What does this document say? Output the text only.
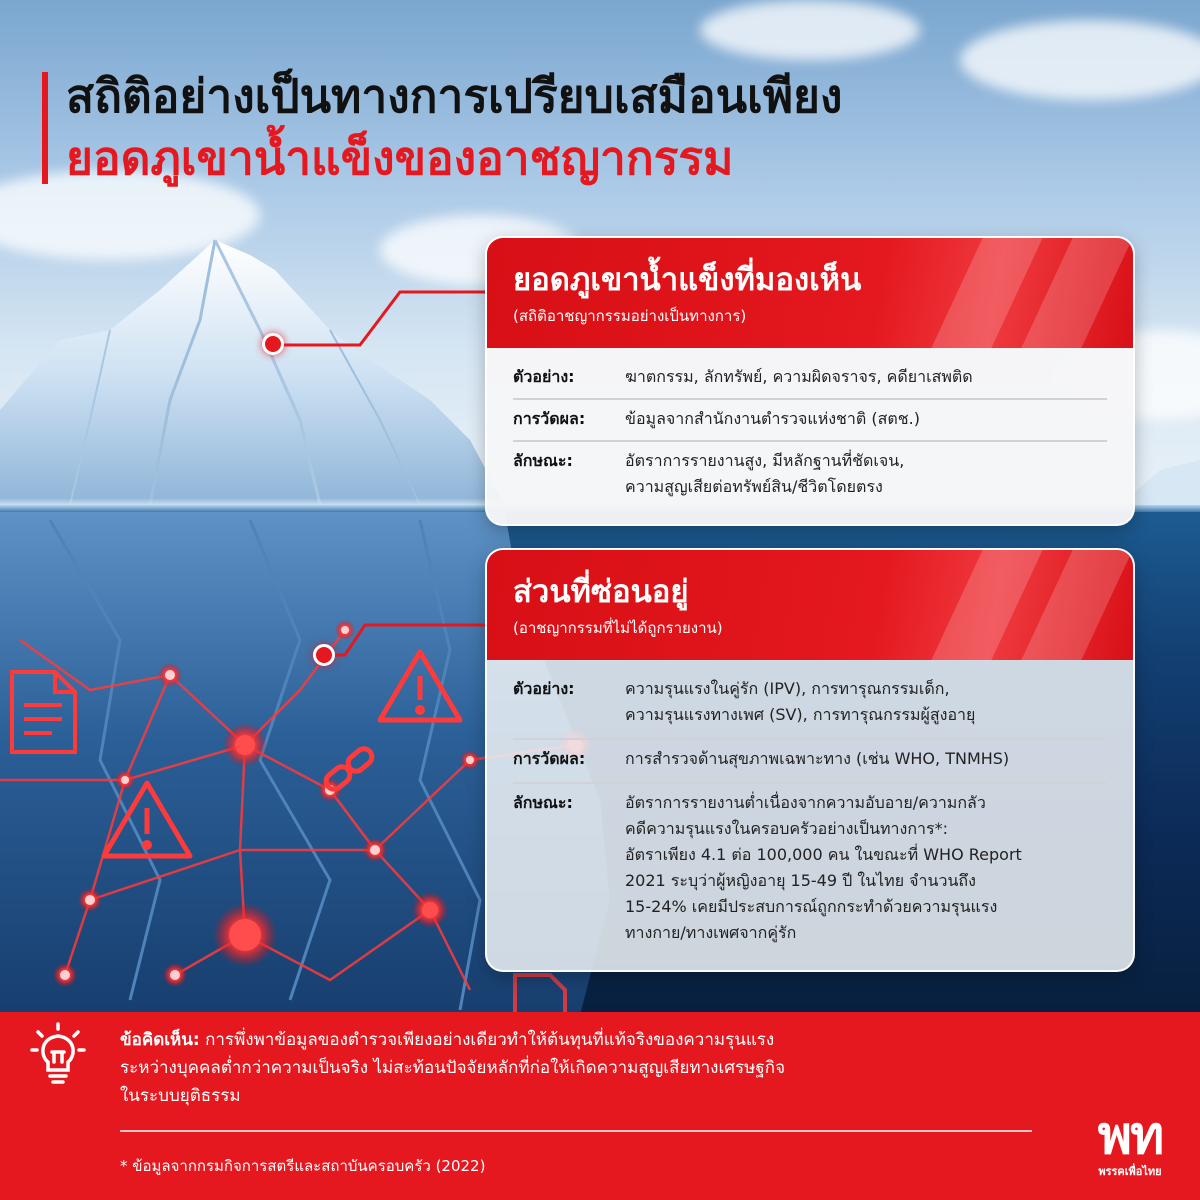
สถิติอย่างเป็นทางการเปรียบเสมือนเพียง
ยอดภูเขาน้ำแข็งของอาชญากรรม
ยอดภูเขาน้ำแข็งที่มองเห็น

(สถิติอาชญากรรมอย่างเป็นทางการ)

ตัวอย่าง:	ฆาตกรรม, ลักทรัพย์, ความผิดจราจร, คดียาเสพติด
การวัดผล:	ข้อมูลจากสำนักงานตำรวจแห่งชาติ (สตช.)
ลักษณะ:	อัตราการรายงานสูง, มีหลักฐานที่ชัดเจน,
ความสูญเสียต่อทรัพย์สิน/ชีวิตโดยตรง
ส่วนที่ซ่อนอยู่

(อาชญากรรมที่ไม่ได้ถูกรายงาน)

ตัวอย่าง:	ความรุนแรงในคู่รัก (IPV), การทารุณกรรมเด็ก,
ความรุนแรงทางเพศ (SV), การทารุณกรรมผู้สูงอายุ
การวัดผล:	การสำรวจด้านสุขภาพเฉพาะทาง (เช่น WHO, TNMHS)
ลักษณะ:	อัตราการรายงานต่ำเนื่องจากความอับอาย/ความกลัว
คดีความรุนแรงในครอบครัวอย่างเป็นทางการ*:
อัตราเพียง 4.1 ต่อ 100,000 คน ในขณะที่ WHO Report
2021 ระบุว่าผู้หญิงอายุ 15-49 ปี ในไทย จำนวนถึง
15-24% เคยมีประสบการณ์ถูกกระทำด้วยความรุนแรง
ทางกาย/ทางเพศจากคู่รัก
ข้อคิดเห็น: การพึ่งพาข้อมูลของตำรวจเพียงอย่างเดียวทำให้ต้นทุนที่แท้จริงของความรุนแรง
ระหว่างบุคคลต่ำกว่าความเป็นจริง ไม่สะท้อนปัจจัยหลักที่ก่อให้เกิดความสูญเสียทางเศรษฐกิจ
ในระบบยุติธรรม
* ข้อมูลจากกรมกิจการสตรีและสถาบันครอบครัว (2022)	พท
พรรคเพื่อไทย
